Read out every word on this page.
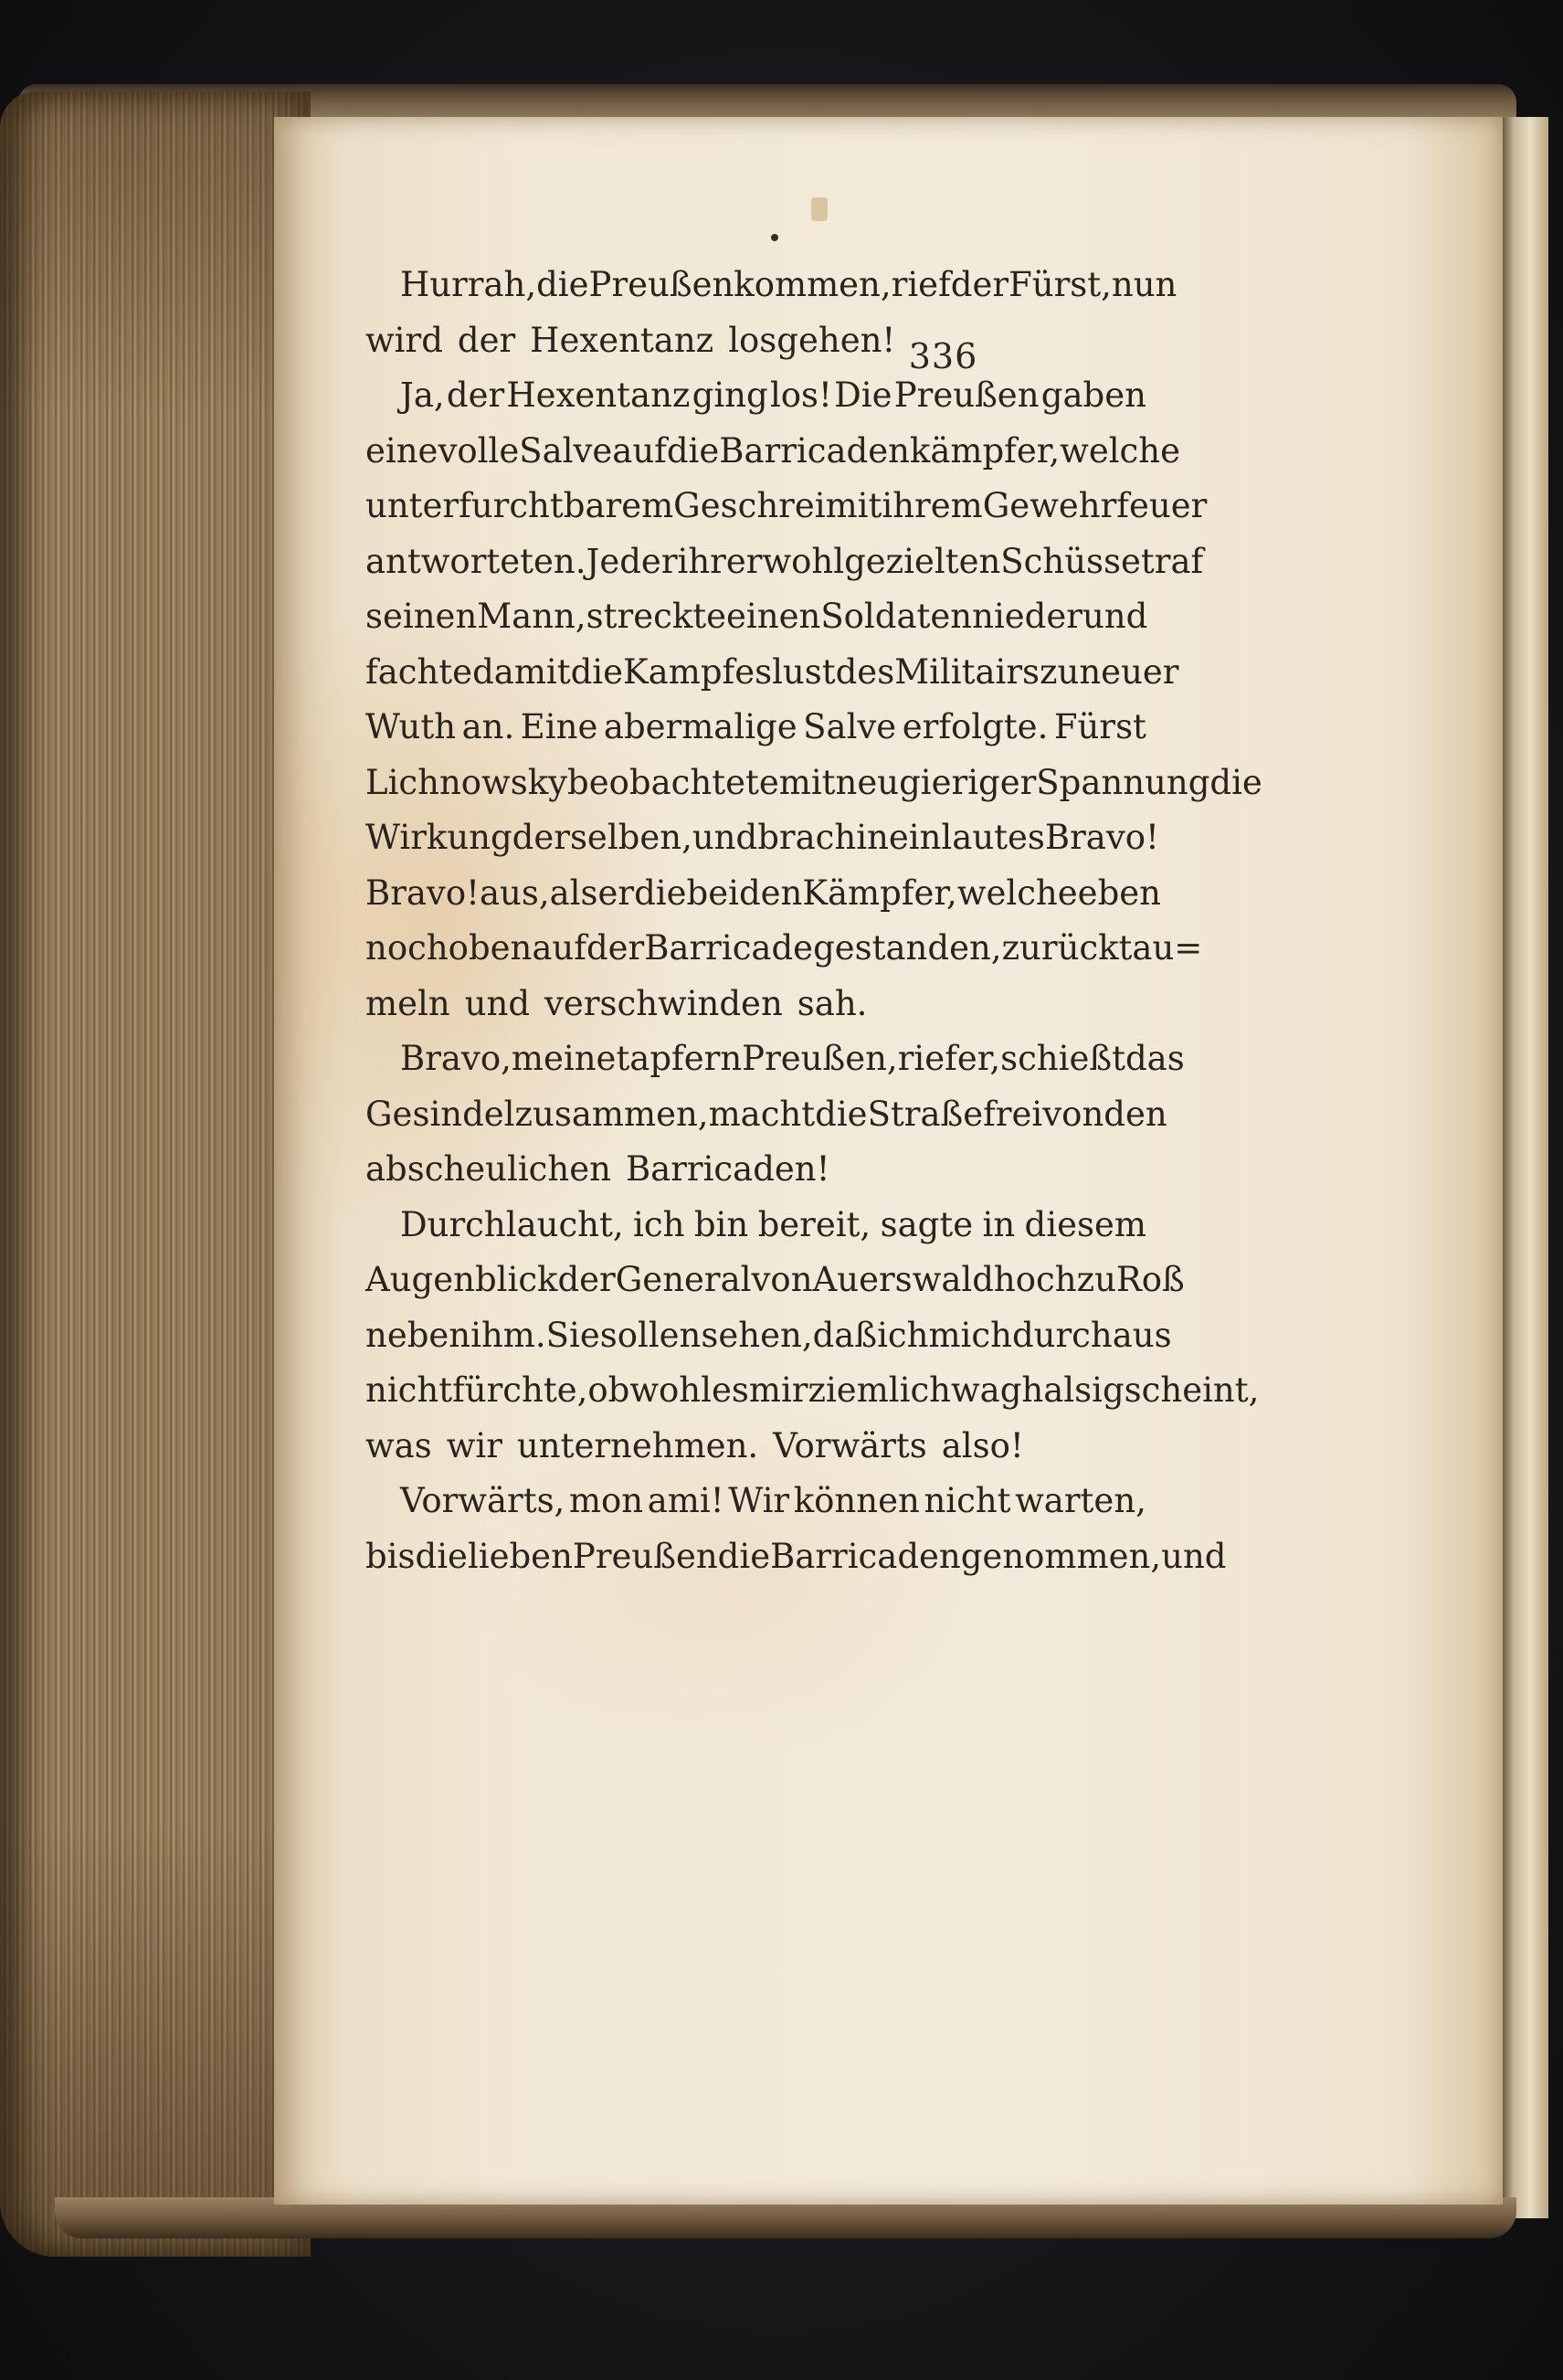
336
Hurrah, die Preußen kommen, rief der Fürst, nun
wird der Hexentanz losgehen!
Ja, der Hexentanz ging los! Die Preußen gaben
eine volle Salve auf die Barricadenkämpfer, welche
unter furchtbarem Geschrei mit ihrem Gewehrfeuer
antworteten. Jeder ihrer wohlgezielten Schüsse traf
seinen Mann, streckte einen Soldaten nieder und
fachte damit die Kampfeslust des Militairs zu neuer
Wuth an. Eine abermalige Salve erfolgte. Fürst
Lichnowsky beobachtete mit neugieriger Spannung die
Wirkung derselben, und brach in ein lautes Bravo!
Bravo! aus, als er die beiden Kämpfer, welche eben
noch oben auf der Barricade gestanden, zurücktau=
meln und verschwinden sah.
Bravo, meine tapfern Preußen, rief er, schießt das
Gesindel zusammen, macht die Straße frei von den
abscheulichen Barricaden!
Durchlaucht, ich bin bereit, sagte in diesem
Augenblick der General von Auerswald hoch zu Roß
neben ihm. Sie sollen sehen, daß ich mich durchaus
nicht fürchte, obwohl es mir ziemlich waghalsig scheint,
was wir unternehmen. Vorwärts also!
Vorwärts, mon ami! Wir können nicht warten,
bis die lieben Preußen die Barricaden genommen, und
